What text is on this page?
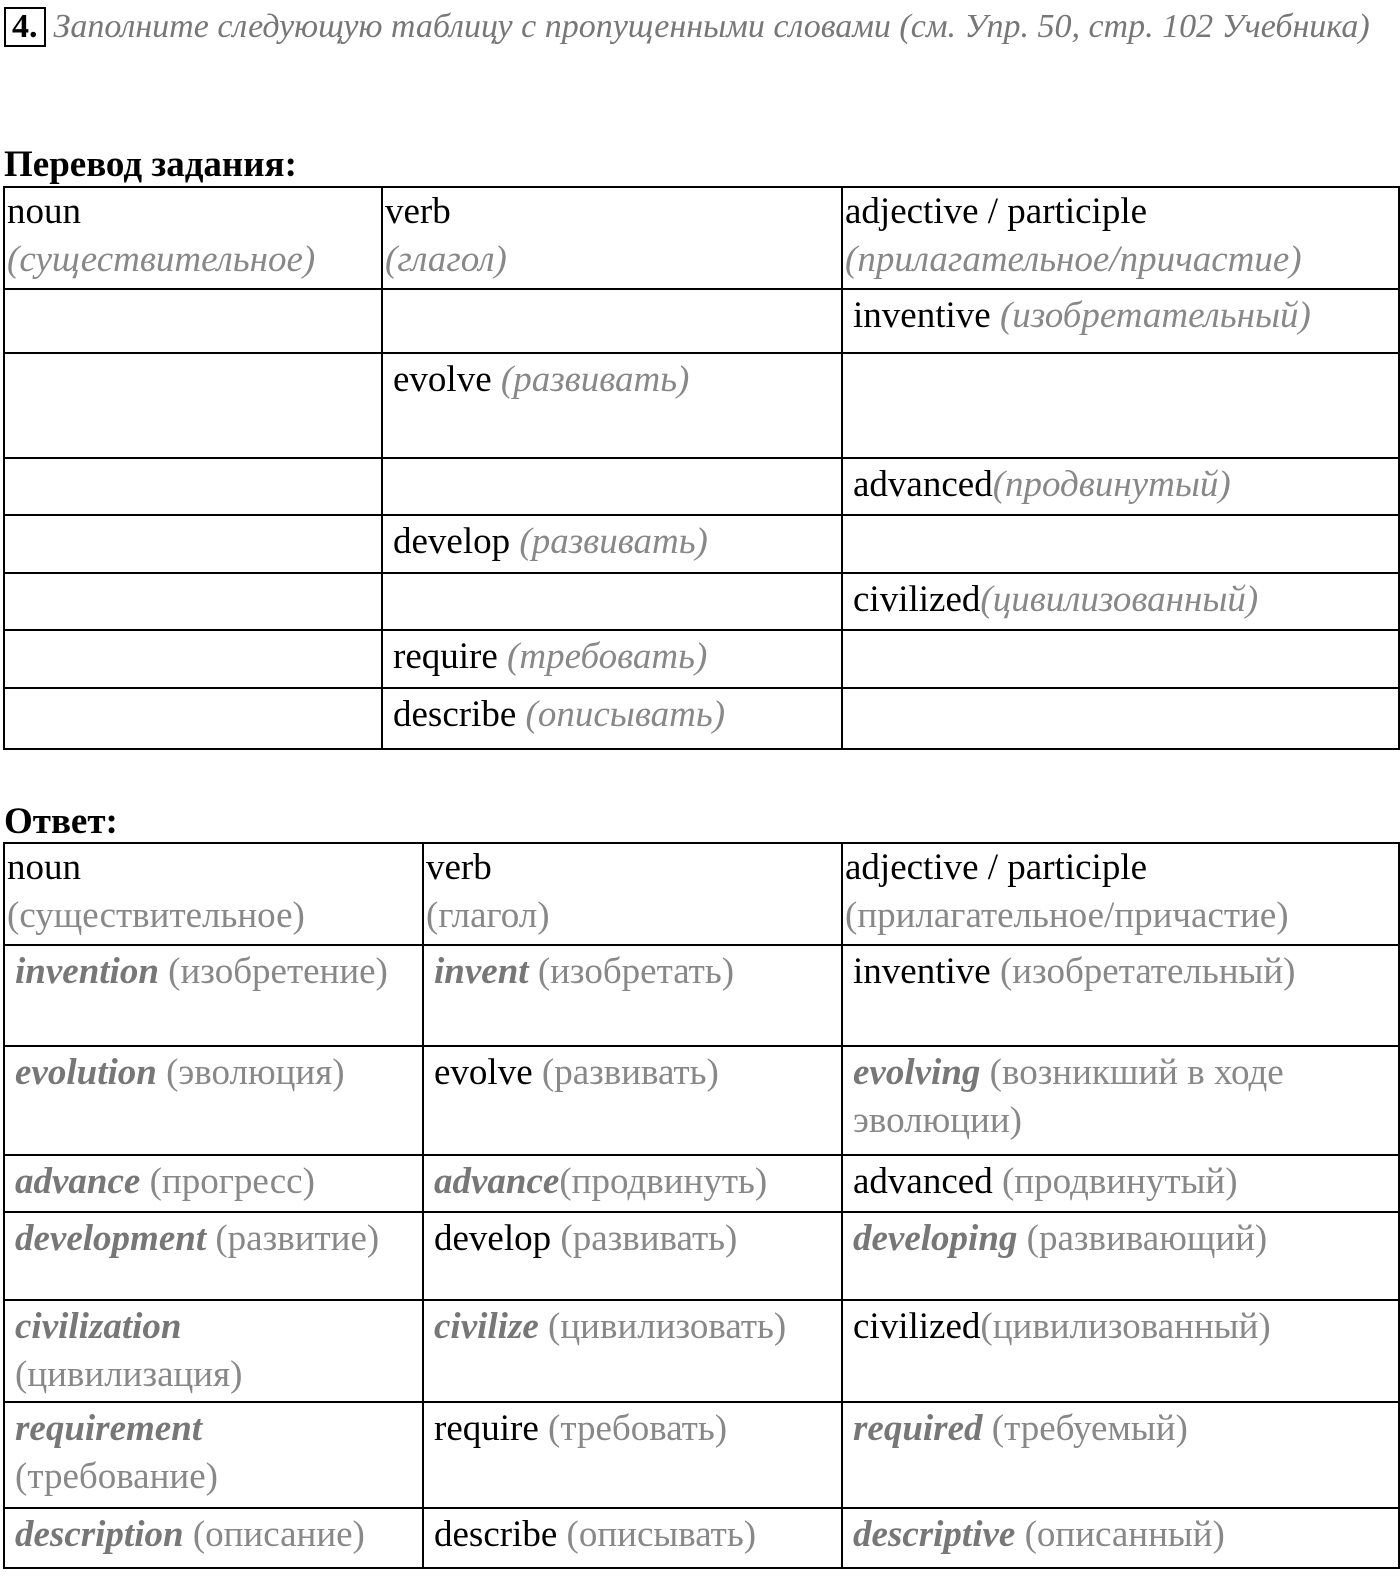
4. Заполните следующую таблицу с пропущенными словами (см. Упр. 50, стр. 102 Учебника)
Перевод задания:
noun
(существительное)	verb
(глагол)	adjective / participle
(прилагательное/причастие)
		inventive (изобретательный)
	evolve (развивать)	
		advanced(продвинутый)
	develop (развивать)	
		civilized(цивилизованный)
	require (требовать)	
	describe (описывать)	
Ответ:
noun
(существительное)	verb
(глагол)	adjective / participle
(прилагательное/причастие)
invention (изобретение)	invent (изобретать)	inventive (изобретательный)
evolution (эволюция)	evolve (развивать)	evolving (возникший в ходе эволюции)
advance (прогресс)	advance(продвинуть)	advanced (продвинутый)
development (развитие)	develop (развивать)	developing (развивающий)
civilization (цивилизация)	civilize (цивилизовать)	civilized(цивилизованный)
requirement (требование)	require (требовать)	required (требуемый)
description (описание)	describe (описывать)	descriptive (описанный)
